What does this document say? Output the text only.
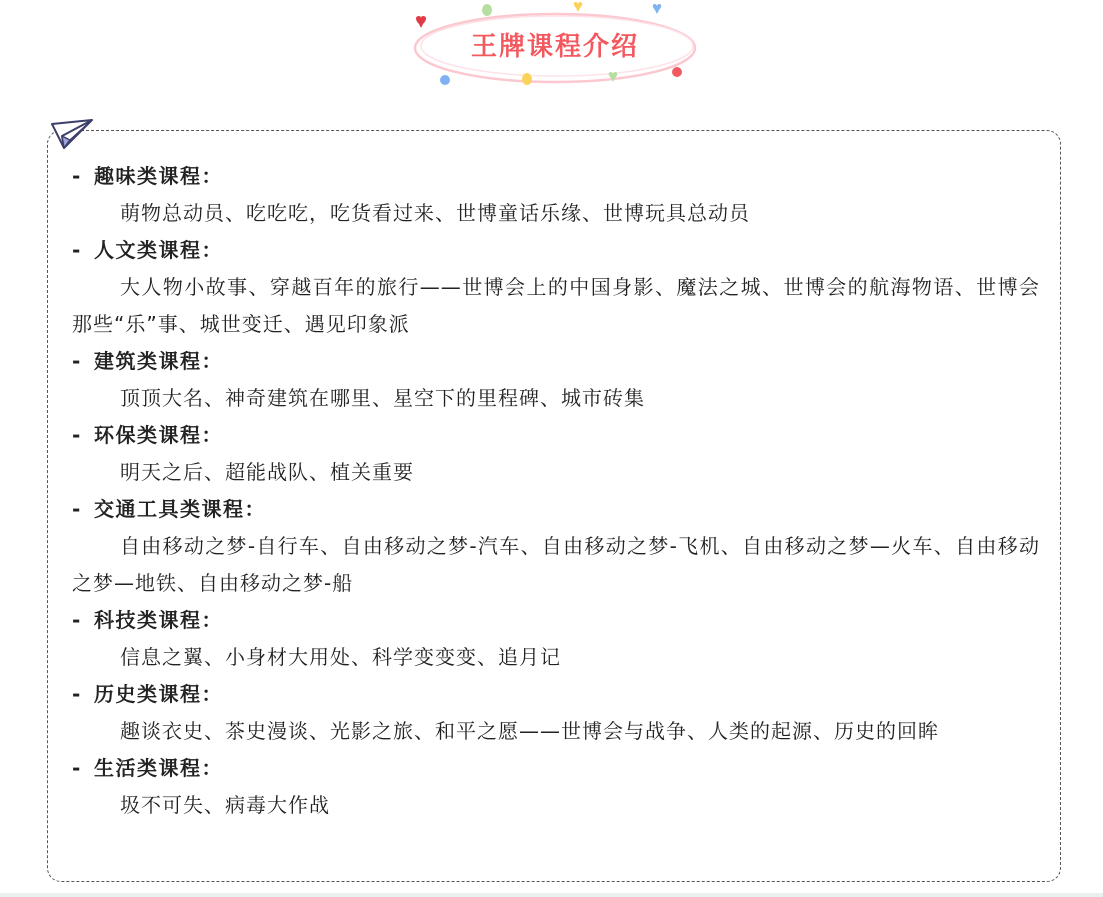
王牌课程介绍
- 趣味类课程：

萌物总动员、吃吃吃，吃货看过来、世博童话乐缘、世博玩具总动员

- 人文类课程：

大人物小故事、穿越百年的旅行——世博会上的中国身影、魔法之城、世博会的航海物语、世博会那些“乐”事、城世变迁、遇见印象派

- 建筑类课程：

顶顶大名、神奇建筑在哪里、星空下的里程碑、城市砖集

- 环保类课程：

明天之后、超能战队、植关重要

- 交通工具类课程：

自由移动之梦-自行车、自由移动之梦-汽车、自由移动之梦-飞机、自由移动之梦—火车、自由移动之梦—地铁、自由移动之梦-船

- 科技类课程：

信息之翼、小身材大用处、科学变变变、追月记

- 历史类课程：

趣谈衣史、茶史漫谈、光影之旅、和平之愿——世博会与战争、人类的起源、历史的回眸

- 生活类课程：

圾不可失、病毒大作战
